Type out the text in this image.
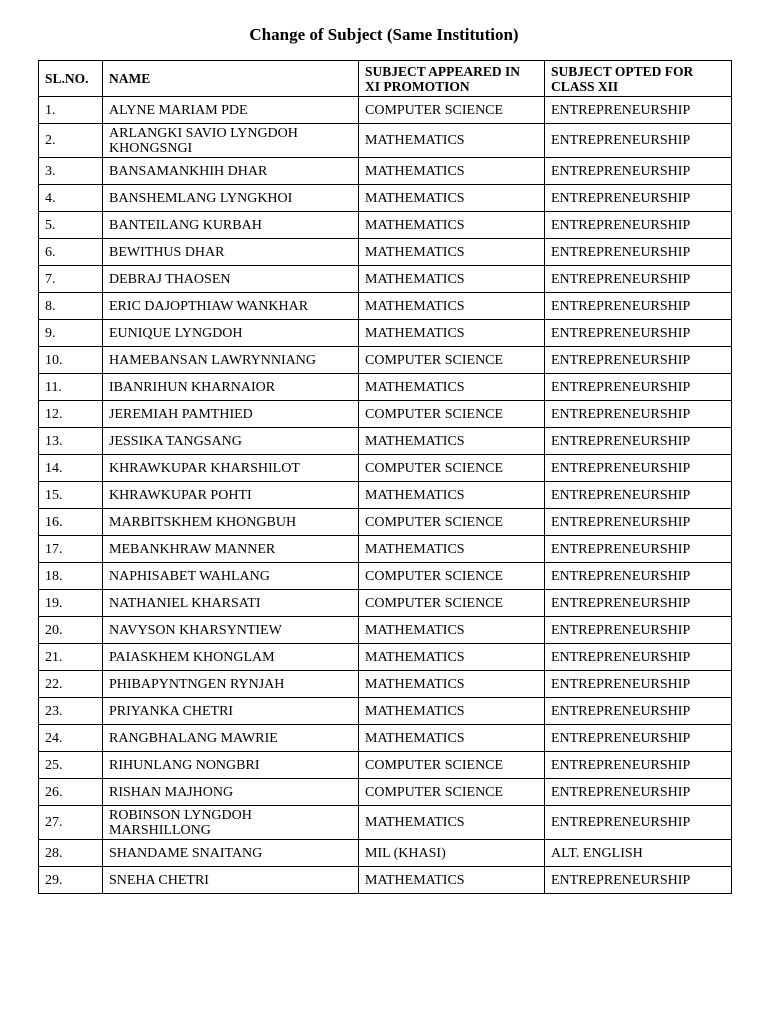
Change of Subject (Same Institution)
SL.NO.	NAME	SUBJECT APPEARED IN XI PROMOTION	SUBJECT OPTED FOR CLASS XII
1.	ALYNE MARIAM PDE	COMPUTER SCIENCE	ENTREPRENEURSHIP
2.	ARLANGKI SAVIO LYNGDOH KHONGSNGI	MATHEMATICS	ENTREPRENEURSHIP
3.	BANSAMANKHIH DHAR	MATHEMATICS	ENTREPRENEURSHIP
4.	BANSHEMLANG LYNGKHOI	MATHEMATICS	ENTREPRENEURSHIP
5.	BANTEILANG KURBAH	MATHEMATICS	ENTREPRENEURSHIP
6.	BEWITHUS DHAR	MATHEMATICS	ENTREPRENEURSHIP
7.	DEBRAJ THAOSEN	MATHEMATICS	ENTREPRENEURSHIP
8.	ERIC DAJOPTHIAW WANKHAR	MATHEMATICS	ENTREPRENEURSHIP
9.	EUNIQUE LYNGDOH	MATHEMATICS	ENTREPRENEURSHIP
10.	HAMEBANSAN LAWRYNNIANG	COMPUTER SCIENCE	ENTREPRENEURSHIP
11.	IBANRIHUN KHARNAIOR	MATHEMATICS	ENTREPRENEURSHIP
12.	JEREMIAH PAMTHIED	COMPUTER SCIENCE	ENTREPRENEURSHIP
13.	JESSIKA TANGSANG	MATHEMATICS	ENTREPRENEURSHIP
14.	KHRAWKUPAR KHARSHILOT	COMPUTER SCIENCE	ENTREPRENEURSHIP
15.	KHRAWKUPAR POHTI	MATHEMATICS	ENTREPRENEURSHIP
16.	MARBITSKHEM KHONGBUH	COMPUTER SCIENCE	ENTREPRENEURSHIP
17.	MEBANKHRAW MANNER	MATHEMATICS	ENTREPRENEURSHIP
18.	NAPHISABET WAHLANG	COMPUTER SCIENCE	ENTREPRENEURSHIP
19.	NATHANIEL KHARSATI	COMPUTER SCIENCE	ENTREPRENEURSHIP
20.	NAVYSON KHARSYNTIEW	MATHEMATICS	ENTREPRENEURSHIP
21.	PAIASKHEM KHONGLAM	MATHEMATICS	ENTREPRENEURSHIP
22.	PHIBAPYNTNGEN RYNJAH	MATHEMATICS	ENTREPRENEURSHIP
23.	PRIYANKA CHETRI	MATHEMATICS	ENTREPRENEURSHIP
24.	RANGBHALANG MAWRIE	MATHEMATICS	ENTREPRENEURSHIP
25.	RIHUNLANG NONGBRI	COMPUTER SCIENCE	ENTREPRENEURSHIP
26.	RISHAN MAJHONG	COMPUTER SCIENCE	ENTREPRENEURSHIP
27.	ROBINSON LYNGDOH MARSHILLONG	MATHEMATICS	ENTREPRENEURSHIP
28.	SHANDAME SNAITANG	MIL (KHASI)	ALT. ENGLISH
29.	SNEHA CHETRI	MATHEMATICS	ENTREPRENEURSHIP
